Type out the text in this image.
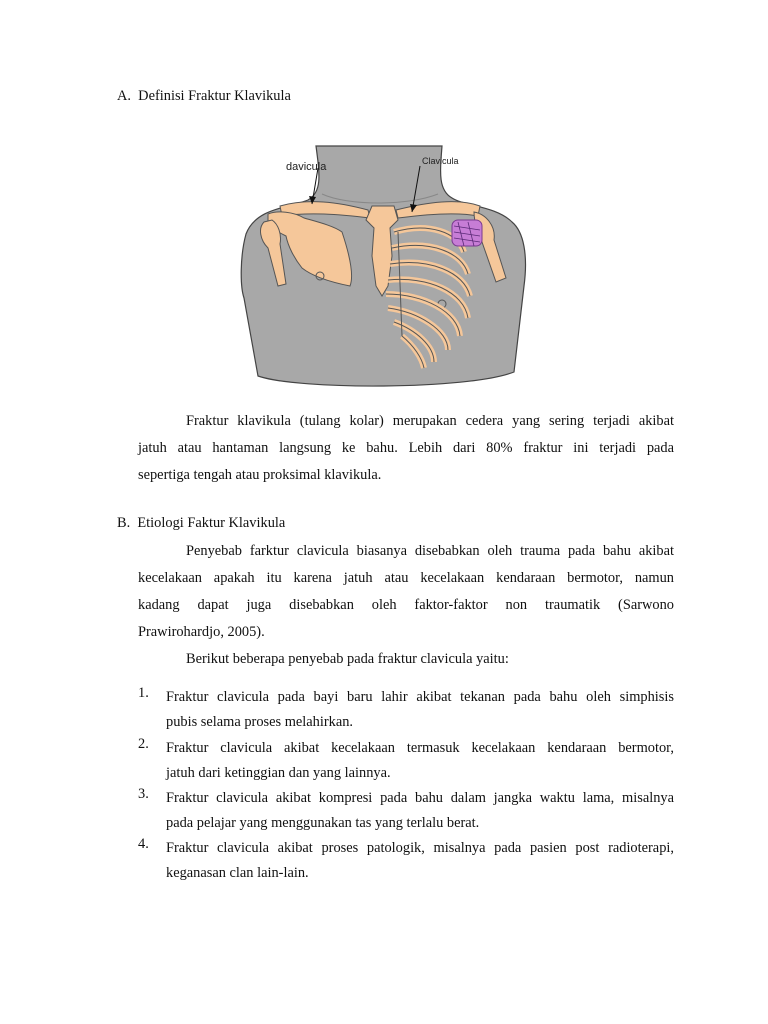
A.  Definisi Fraktur Klavikula
davicula	Clavicula

Fraktur klavikula (tulang kolar) merupakan cedera yang sering terjadi akibat

jatuh atau hantaman langsung ke bahu. Lebih dari 80% fraktur ini terjadi pada

sepertiga tengah atau proksimal klavikula.

B.  Etiologi Faktur Klavikula

Penyebab farktur clavicula biasanya disebabkan oleh trauma pada bahu akibat

kecelakaan apakah itu karena jatuh atau kecelakaan kendaraan bermotor, namun

kadang dapat juga disebabkan oleh faktor-faktor non traumatik (Sarwono

Prawirohardjo, 2005).

Berikut beberapa penyebab pada fraktur clavicula yaitu:

1. Fraktur clavicula pada bayi baru lahir akibat tekanan pada bahu oleh simphisis
pubis selama proses melahirkan.
2. Fraktur clavicula akibat kecelakaan termasuk kecelakaan kendaraan bermotor,
jatuh dari ketinggian dan yang lainnya.
3. Fraktur clavicula akibat kompresi pada bahu dalam jangka waktu lama, misalnya
pada pelajar yang menggunakan tas yang terlalu berat.
4. Fraktur clavicula akibat proses patologik, misalnya pada pasien post radioterapi,
keganasan clan lain-lain.
